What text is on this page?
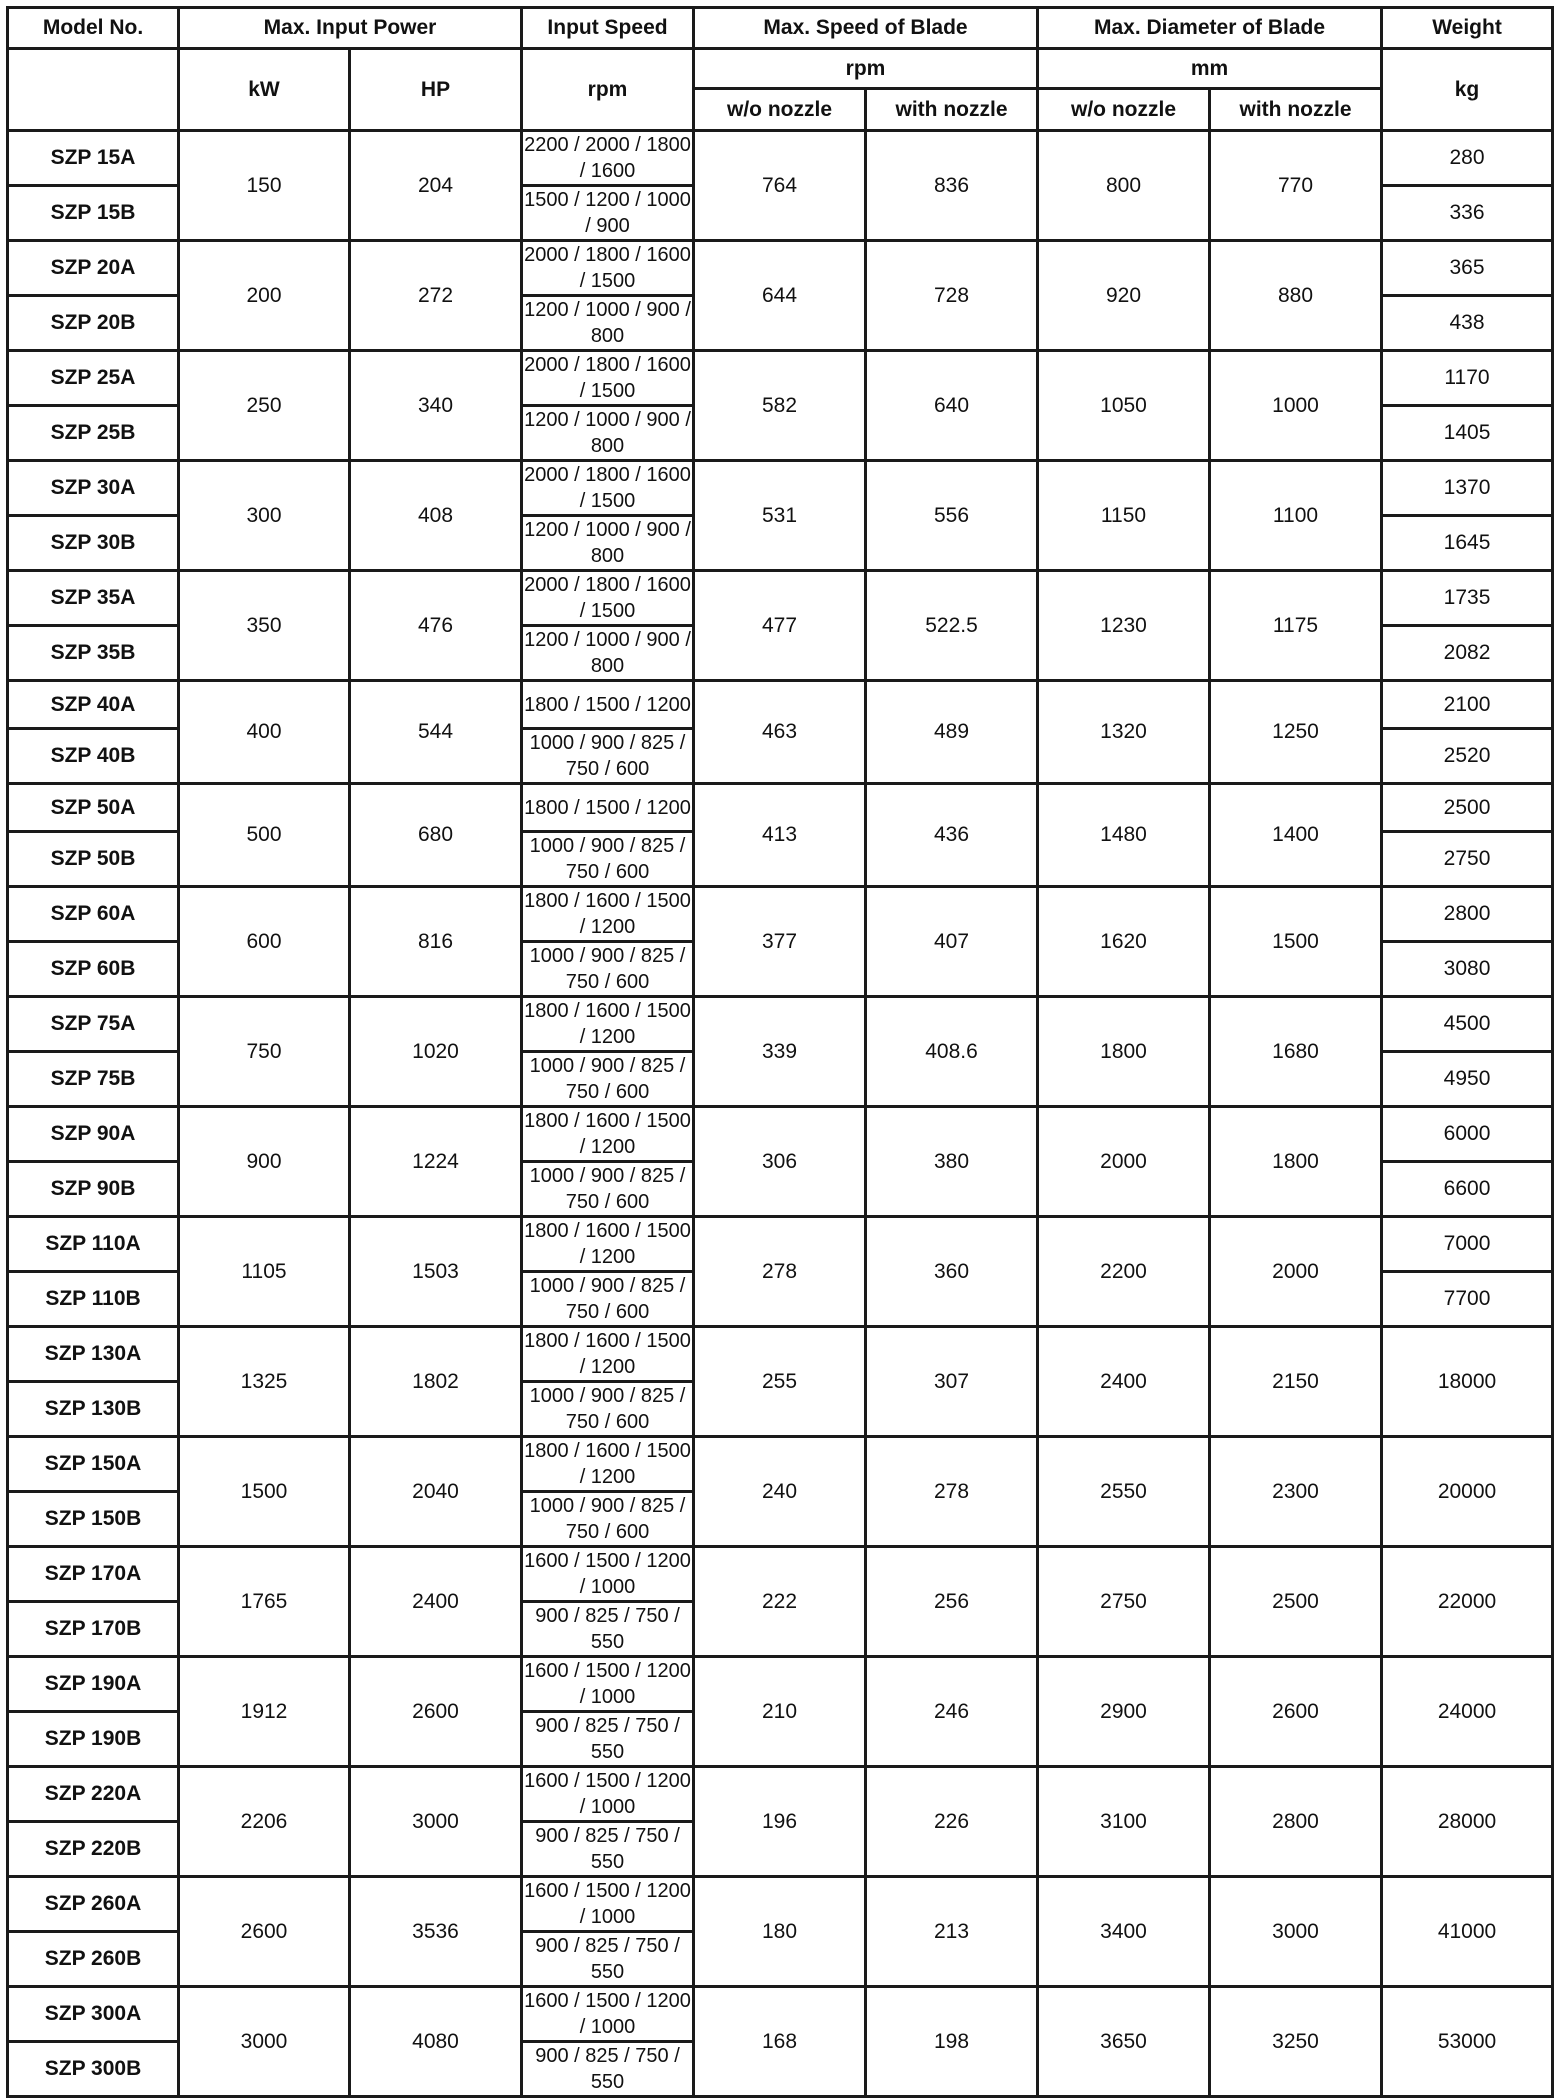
Model No.	Max. Input Power		Input Speed	Max. Speed of Blade		Max. Diameter of Blade		Weight
	kW	HP	rpm	rpm		mm		kg
				w/o nozzle	with nozzle	w/o nozzle	with nozzle	
SZP 15A	150	204	2200 / 2000 / 1800 / 1600	764	836	800	770	280
SZP 15B			1500 / 1200 / 1000 / 900					336
SZP 20A	200	272	2000 / 1800 / 1600 / 1500	644	728	920	880	365
SZP 20B			1200 / 1000 / 900 / 800					438
SZP 25A	250	340	2000 / 1800 / 1600 / 1500	582	640	1050	1000	1170
SZP 25B			1200 / 1000 / 900 / 800					1405
SZP 30A	300	408	2000 / 1800 / 1600 / 1500	531	556	1150	1100	1370
SZP 30B			1200 / 1000 / 900 / 800					1645
SZP 35A	350	476	2000 / 1800 / 1600 / 1500	477	522.5	1230	1175	1735
SZP 35B			1200 / 1000 / 900 / 800					2082
SZP 40A	400	544	1800 / 1500 / 1200	463	489	1320	1250	2100
SZP 40B			1000 / 900 / 825 / 750 / 600					2520
SZP 50A	500	680	1800 / 1500 / 1200	413	436	1480	1400	2500
SZP 50B			1000 / 900 / 825 / 750 / 600					2750
SZP 60A	600	816	1800 / 1600 / 1500 / 1200	377	407	1620	1500	2800
SZP 60B			1000 / 900 / 825 / 750 / 600					3080
SZP 75A	750	1020	1800 / 1600 / 1500 / 1200	339	408.6	1800	1680	4500
SZP 75B			1000 / 900 / 825 / 750 / 600					4950
SZP 90A	900	1224	1800 / 1600 / 1500 / 1200	306	380	2000	1800	6000
SZP 90B			1000 / 900 / 825 / 750 / 600					6600
SZP 110A	1105	1503	1800 / 1600 / 1500 / 1200	278	360	2200	2000	7000
SZP 110B			1000 / 900 / 825 / 750 / 600					7700
SZP 130A	1325	1802	1800 / 1600 / 1500 / 1200	255	307	2400	2150	18000
SZP 130B			1000 / 900 / 825 / 750 / 600					
SZP 150A	1500	2040	1800 / 1600 / 1500 / 1200	240	278	2550	2300	20000
SZP 150B			1000 / 900 / 825 / 750 / 600					
SZP 170A	1765	2400	1600 / 1500 / 1200 / 1000	222	256	2750	2500	22000
SZP 170B			900 / 825 / 750 / 550					
SZP 190A	1912	2600	1600 / 1500 / 1200 / 1000	210	246	2900	2600	24000
SZP 190B			900 / 825 / 750 / 550					
SZP 220A	2206	3000	1600 / 1500 / 1200 / 1000	196	226	3100	2800	28000
SZP 220B			900 / 825 / 750 / 550					
SZP 260A	2600	3536	1600 / 1500 / 1200 / 1000	180	213	3400	3000	41000
SZP 260B			900 / 825 / 750 / 550					
SZP 300A	3000	4080	1600 / 1500 / 1200 / 1000	168	198	3650	3250	53000
SZP 300B			900 / 825 / 750 / 550					
